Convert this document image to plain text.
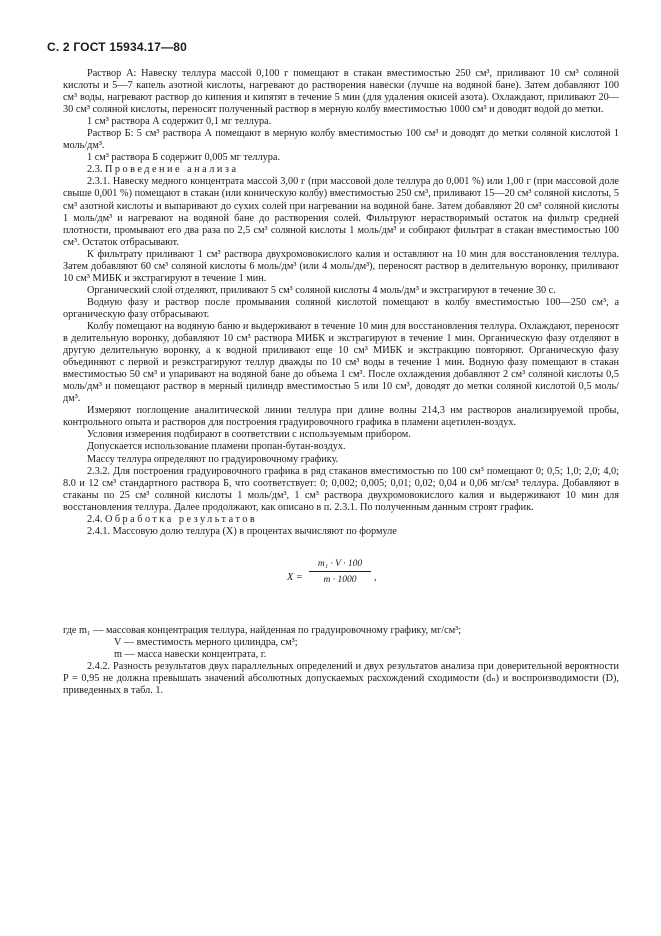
С. 2 ГОСТ 15934.17—80

Раствор А: Навеску теллура массой 0,100 г помещают в стакан вместимостью 250 см³, приливают 10 см³ соляной кислоты и 5—7 капель азотной кислоты, нагревают до растворения навески (лучше на водяной бане). Затем добавляют 100 см³ воды, нагревают раствор до кипения и кипятят в течение 5 мин (для удаления окисей азота). Охлаждают, приливают 20—30 см³ соляной кислоты, переносят полученный раствор в мерную колбу вместимостью 1000 см³ и доводят водой до метки.

1 см³ раствора А содержит 0,1 мг теллура.

Раствор Б: 5 см³ раствора А помещают в мерную колбу вместимостью 100 см³ и доводят до метки соляной кислотой 1 моль/дм³.

1 см³ раствора Б содержит 0,005 мг теллура.

2.3. Проведение анализа

2.3.1. Навеску медного концентрата массой 3,00 г (при массовой доле теллура до 0,001 %) или 1,00 г (при массовой доле свыше 0,001 %) помещают в стакан (или коническую колбу) вместимостью 250 см³, приливают 15—20 см³ соляной кислоты, 5 см³ азотной кислоты и выпаривают до сухих солей при нагревании на водяной бане. Затем добавляют 20 см³ соляной кислоты 1 моль/дм³ и нагревают на водяной бане до растворения солей. Фильтруют нерастворимый остаток на фильтр средней плотности, промывают его два раза по 2,5 см³ соляной кислоты 1 моль/дм³ и собирают фильтрат в стакан вместимостью 100 см³. Остаток отбрасывают.

К фильтрату приливают 1 см³ раствора двухромовокислого калия и оставляют на 10 мин для восстановления теллура. Затем добавляют 60 см³ соляной кислоты 6 моль/дм³ (или 4 моль/дм³), переносят раствор в делительную воронку, приливают 10 см³ МИБК и экстрагируют в течение 1 мин.

Органический слой отделяют, приливают 5 см³ соляной кислоты 4 моль/дм³ и экстрагируют в течение 30 с.

Водную фазу и раствор после промывания соляной кислотой помещают в колбу вместимостью 100—250 см³, а органическую фазу отбрасывают.

Колбу помещают на водяную баню и выдерживают в течение 10 мин для восстановления теллура. Охлаждают, переносят в делительную воронку, добавляют 10 см³ раствора МИБК и экстрагируют в течение 1 мин. Органическую фазу отделяют в другую делительную воронку, а к водной приливают еще 10 см³ МИБК и экстракцию повторяют. Органическую фазу объединяют с первой и реэкстрагируют теллур дважды по 10 см³ воды в течение 1 мин. Водную фазу помещают в стакан вместимостью 50 см³ и упаривают на водяной бане до объема 1 см³. После охлаждения добавляют 2 см³ соляной кислоты 0,5 моль/дм³ и помещают раствор в мерный цилиндр вместимостью 5 или 10 см³, доводят до метки соляной кислотой 0,5 моль/дм³.

Измеряют поглощение аналитической линии теллура при длине волны 214,3 нм растворов анализируемой пробы, контрольного опыта и растворов для построения градуировочного графика в пламени ацетилен-воздух.

Условия измерения подбирают в соответствии с используемым прибором.

Допускается использование пламени пропан-бутан-воздух.

Массу теллура определяют по градуировочному графику.

2.3.2. Для построения градуировочного графика в ряд стаканов вместимостью по 100 см³ помещают 0; 0,5; 1,0; 2,0; 4,0; 8.0 и 12 см³ стандартного раствора Б, что соответствует: 0; 0,002; 0,005; 0,01; 0,02; 0,04 и 0,06 мг/см³ теллура. Добавляют в стаканы по 25 см³ соляной кислоты 1 моль/дм³, 1 см³ раствора двухромовокислого калия и выдерживают 10 мин для восстановления теллура. Далее продолжают, как описано в п. 2.3.1. По полученным данным строят график.

2.4. Обработка результатов

2.4.1. Массовую долю теллура (X) в процентах вычисляют по формуле

X =
m₁ · V · 100
m · 1000	,

где m₁ — массовая концентрация теллура, найденная по градуировочному графику, мг/см³;

V — вместимость мерного цилиндра, см³;

m — масса навески концентрата, г.

2.4.2. Разность результатов двух параллельных определений и двух результатов анализа при доверительной вероятности P = 0,95 не должна превышать значений абсолютных допускаемых расхождений сходимости (dₙ) и воспроизводимости (D), приведенных в табл. 1.
